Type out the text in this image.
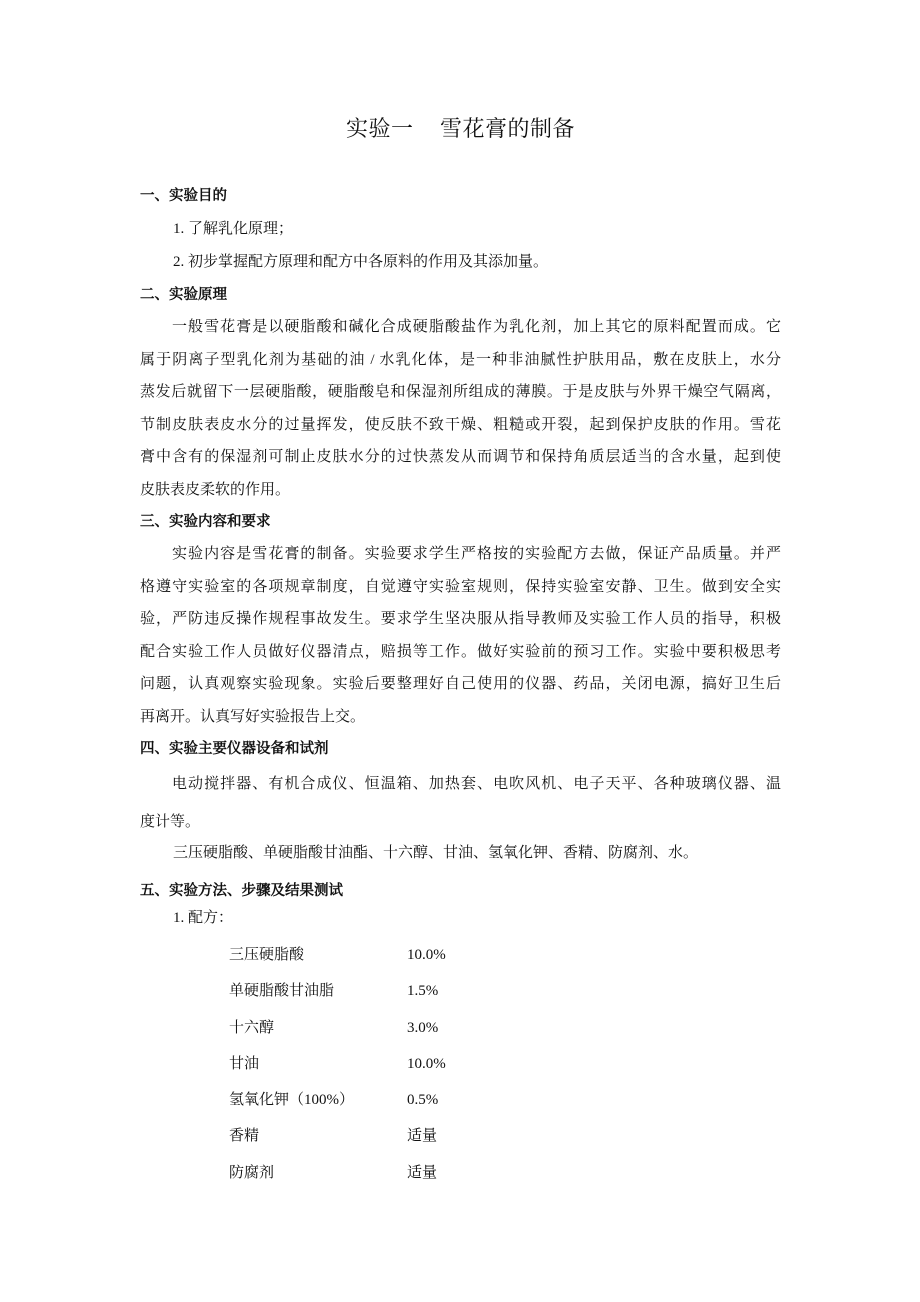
实验一    雪花膏的制备
一、实验目的
1. 了解乳化原理；
2. 初步掌握配方原理和配方中各原料的作用及其添加量。
二、实验原理
一般雪花膏是以硬脂酸和碱化合成硬脂酸盐作为乳化剂，加上其它的原料配置而成。它
属于阴离子型乳化剂为基础的油 / 水乳化体，是一种非油腻性护肤用品，敷在皮肤上，水分
蒸发后就留下一层硬脂酸，硬脂酸皂和保湿剂所组成的薄膜。于是皮肤与外界干燥空气隔离，
节制皮肤表皮水分的过量挥发，使反肤不致干燥、粗糙或开裂，起到保护皮肤的作用。雪花
膏中含有的保湿剂可制止皮肤水分的过快蒸发从而调节和保持角质层适当的含水量，起到使
皮肤表皮柔软的作用。
三、实验内容和要求
实验内容是雪花膏的制备。实验要求学生严格按的实验配方去做，保证产品质量。并严
格遵守实验室的各项规章制度，自觉遵守实验室规则，保持实验室安静、卫生。做到安全实
验，严防违反操作规程事故发生。要求学生坚决服从指导教师及实验工作人员的指导，积极
配合实验工作人员做好仪器清点，赔损等工作。做好实验前的预习工作。实验中要积极思考
问题，认真观察实验现象。实验后要整理好自己使用的仪器、药品，关闭电源，搞好卫生后
再离开。认真写好实验报告上交。
四、实验主要仪器设备和试剂
电动搅拌器、有机合成仪、恒温箱、加热套、电吹风机、电子天平、各种玻璃仪器、温
度计等。
三压硬脂酸、单硬脂酸甘油酯、十六醇、甘油、氢氧化钾、香精、防腐剂、水。
五、实验方法、步骤及结果测试
1. 配方：
三压硬脂酸	10.0%
单硬脂酸甘油脂	1.5%
十六醇	3.0%
甘油	10.0%
氢氧化钾（100%）	0.5%
香精	适量
防腐剂	适量
